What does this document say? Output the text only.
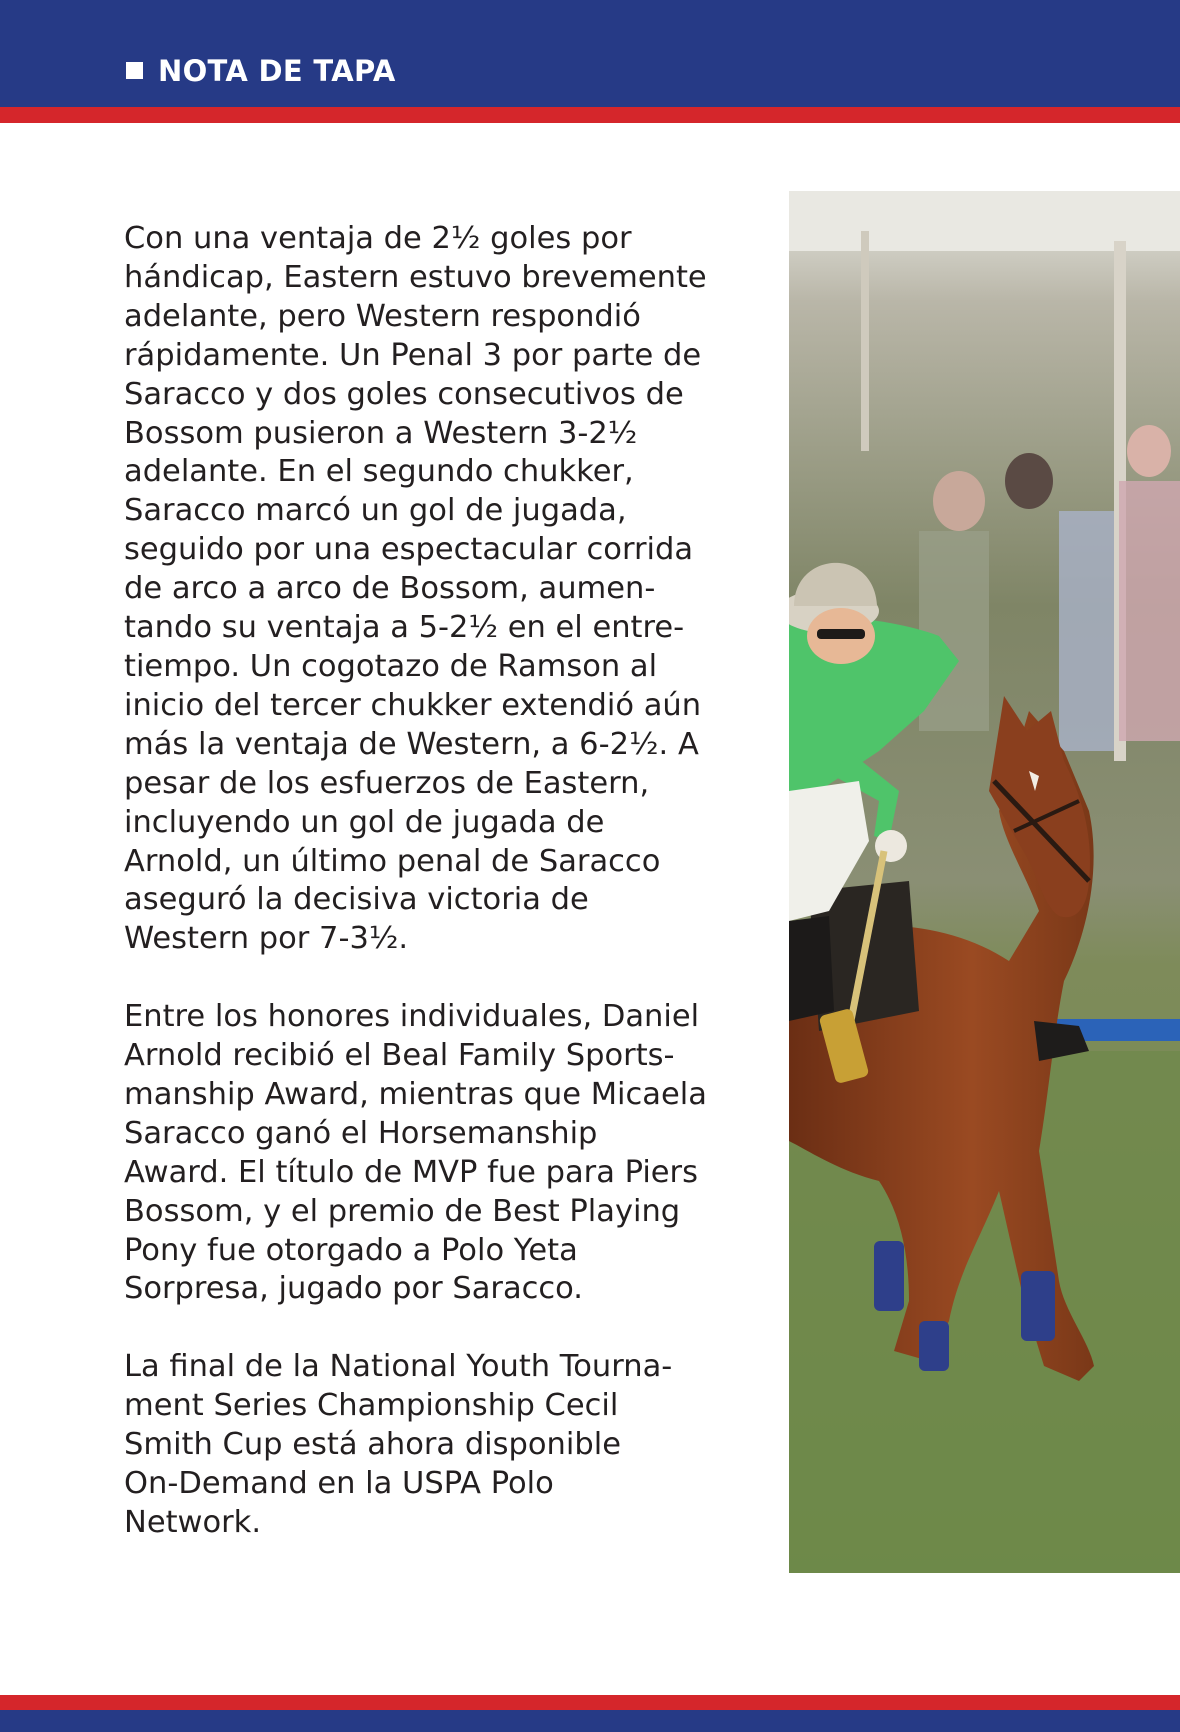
NOTA DE TAPA

Con una ventaja de 2½ goles por
hándicap, Eastern estuvo brevemente
adelante, pero Western respondió
rápidamente. Un Penal 3 por parte de
Saracco y dos goles consecutivos de
Bossom pusieron a Western 3-2½
adelante. En el segundo chukker,
Saracco marcó un gol de jugada,
seguido por una espectacular corrida
de arco a arco de Bossom, aumen-
tando su ventaja a 5-2½ en el entre-
tiempo. Un cogotazo de Ramson al
inicio del tercer chukker extendió aún
más la ventaja de Western, a 6-2½. A
pesar de los esfuerzos de Eastern,
incluyendo un gol de jugada de
Arnold, un último penal de Saracco
aseguró la decisiva victoria de
Western por 7-3½.

Entre los honores individuales, Daniel
Arnold recibió el Beal Family Sports-
manship Award, mientras que Micaela
Saracco ganó el Horsemanship
Award. El título de MVP fue para Piers
Bossom, y el premio de Best Playing
Pony fue otorgado a Polo Yeta
Sorpresa, jugado por Saracco.

La final de la National Youth Tourna-
ment Series Championship Cecil
Smith Cup está ahora disponible
On-Demand en la USPA Polo
Network.
